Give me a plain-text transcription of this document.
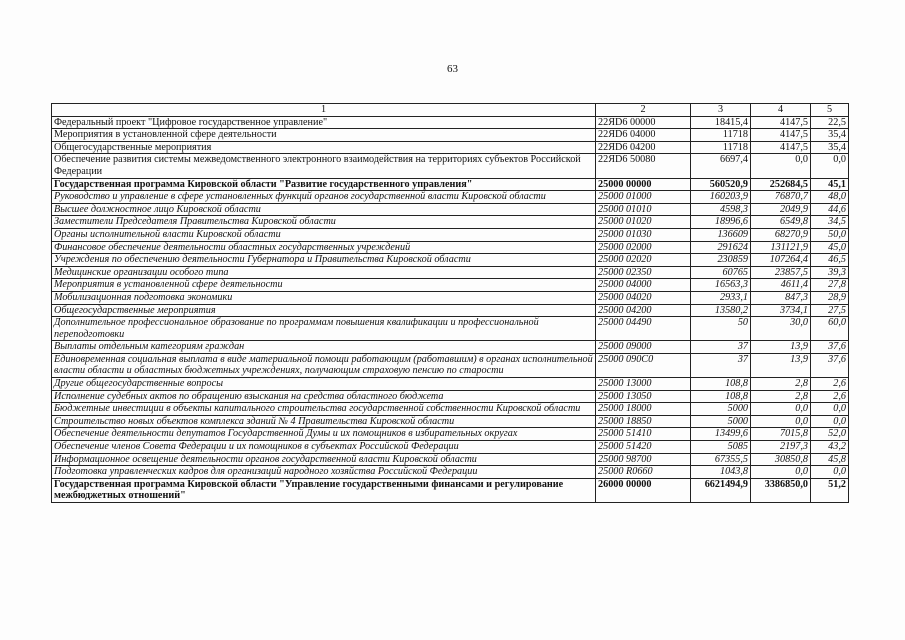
63
1	2	3	4	5
Федеральный проект "Цифровое государственное управление"	22ЯD6 00000	18415,4	4147,5	22,5
Мероприятия в установленной сфере деятельности	22ЯD6 04000	11718	4147,5	35,4
Общегосударственные мероприятия	22ЯD6 04200	11718	4147,5	35,4
Обеспечение развития системы межведомственного электронного взаимодействия на территориях субъектов Российской Федерации	22ЯD6 50080	6697,4	0,0	0,0
Государственная программа Кировской области "Развитие государственного управления"	25000 00000	560520,9	252684,5	45,1
Руководство и управление в сфере установленных функций органов государственной власти Кировской области	25000 01000	160203,9	76870,7	48,0
Высшее должностное лицо Кировской области	25000 01010	4598,3	2049,9	44,6
Заместители Председателя Правительства Кировской области	25000 01020	18996,6	6549,8	34,5
Органы исполнительной власти Кировской области	25000 01030	136609	68270,9	50,0
Финансовое обеспечение деятельности областных государственных учреждений	25000 02000	291624	131121,9	45,0
Учреждения по обеспечению деятельности Губернатора и Правительства Кировской области	25000 02020	230859	107264,4	46,5
Медицинские организации особого типа	25000 02350	60765	23857,5	39,3
Мероприятия в установленной сфере деятельности	25000 04000	16563,3	4611,4	27,8
Мобилизационная подготовка экономики	25000 04020	2933,1	847,3	28,9
Общегосударственные мероприятия	25000 04200	13580,2	3734,1	27,5
Дополнительное профессиональное образование по программам повышения квалификации и профессиональной переподготовки	25000 04490	50	30,0	60,0
Выплаты отдельным категориям граждан	25000 09000	37	13,9	37,6
Единовременная социальная выплата в виде материальной помощи работающим (работавшим) в органах исполнительной власти области и областных бюджетных учреждениях, получающим страховую пенсию по старости	25000 090С0	37	13,9	37,6
Другие общегосударственные вопросы	25000 13000	108,8	2,8	2,6
Исполнение судебных актов по обращению взыскания на средства областного бюджета	25000 13050	108,8	2,8	2,6
Бюджетные инвестиции в объекты капитального строительства государственной собственности Кировской области	25000 18000	5000	0,0	0,0
Строительство новых объектов комплекса зданий № 4 Правительства Кировской области	25000 18850	5000	0,0	0,0
Обеспечение деятельности депутатов Государственной Думы и их помощников в избирательных округах	25000 51410	13499,6	7015,8	52,0
Обеспечение членов Совета Федерации и их помощников в субъектах Российской Федерации	25000 51420	5085	2197,3	43,2
Информационное освещение деятельности органов государственной власти Кировской области	25000 98700	67355,5	30850,8	45,8
Подготовка управленческих кадров для организаций народного хозяйства Российской Федерации	25000 R0660	1043,8	0,0	0,0
Государственная программа Кировской области "Управление государственными финансами и регулирование межбюджетных отношений"	26000 00000	6621494,9	3386850,0	51,2
